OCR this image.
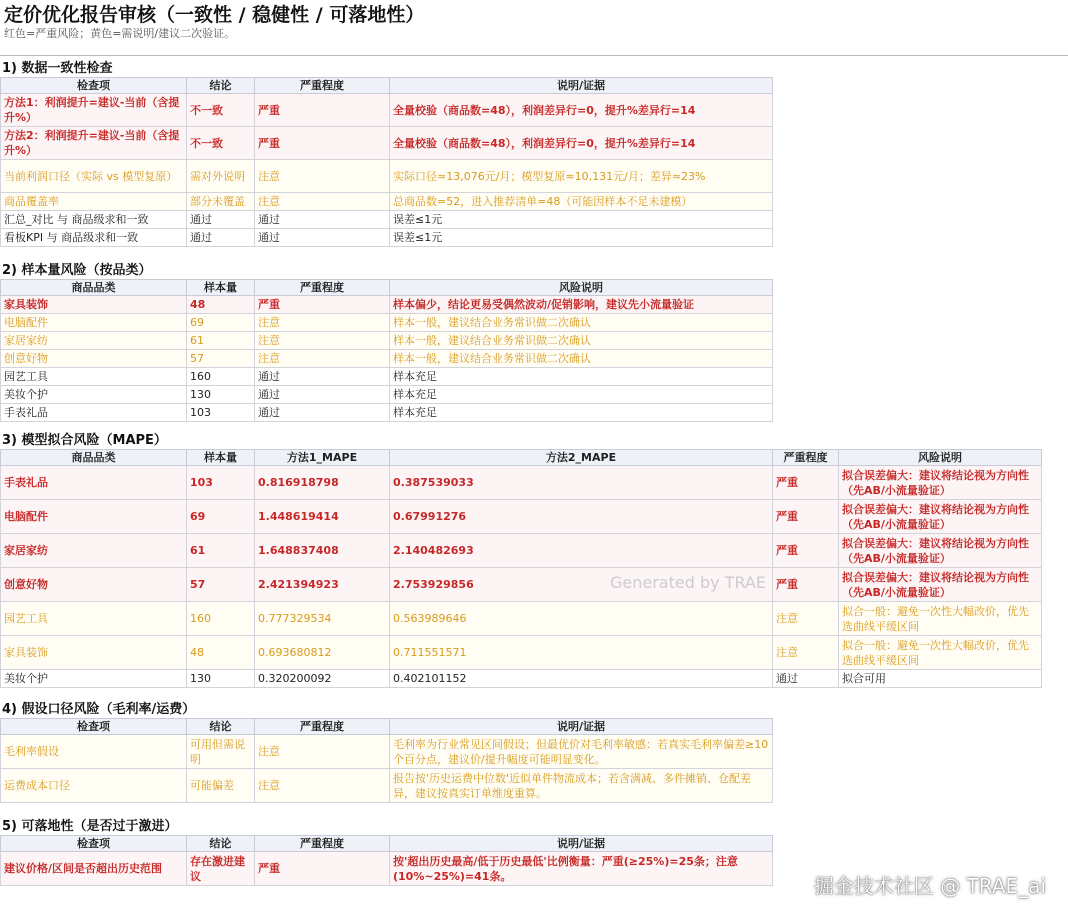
定价优化报告审核（一致性 / 稳健性 / 可落地性）
红色=严重风险；黄色=需说明/建议二次验证。
1) 数据一致性检查
检查项	结论	严重程度	说明/证据
方法1：利润提升=建议-当前（含提升%）	不一致	严重	全量校验（商品数=48），利润差异行=0，提升%差异行=14
方法2：利润提升=建议-当前（含提升%）	不一致	严重	全量校验（商品数=48），利润差异行=0，提升%差异行=14
当前利润口径（实际 vs 模型复原）	需对外说明	注意	实际口径≈13,076元/月；模型复原≈10,131元/月；差异≈23%
商品覆盖率	部分未覆盖	注意	总商品数=52，进入推荐清单=48（可能因样本不足未建模）
汇总_对比 与 商品级求和一致	通过	通过	误差≤1元
看板KPI 与 商品级求和一致	通过	通过	误差≤1元
2) 样本量风险（按品类）
商品品类	样本量	严重程度	风险说明
家具装饰	48	严重	样本偏少，结论更易受偶然波动/促销影响，建议先小流量验证
电脑配件	69	注意	样本一般，建议结合业务常识做二次确认
家居家纺	61	注意	样本一般，建议结合业务常识做二次确认
创意好物	57	注意	样本一般，建议结合业务常识做二次确认
园艺工具	160	通过	样本充足
美妆个护	130	通过	样本充足
手表礼品	103	通过	样本充足
3) 模型拟合风险（MAPE）
商品品类	样本量	方法1_MAPE	方法2_MAPE	严重程度	风险说明
手表礼品	103	0.816918798	0.387539033	严重	拟合误差偏大：建议将结论视为方向性（先AB/小流量验证）
电脑配件	69	1.448619414	0.67991276	严重	拟合误差偏大：建议将结论视为方向性（先AB/小流量验证）
家居家纺	61	1.648837408	2.140482693	严重	拟合误差偏大：建议将结论视为方向性（先AB/小流量验证）
创意好物	57	2.421394923	2.753929856	严重	拟合误差偏大：建议将结论视为方向性（先AB/小流量验证）
园艺工具	160	0.777329534	0.563989646	注意	拟合一般：避免一次性大幅改价，优先选曲线平缓区间
家具装饰	48	0.693680812	0.711551571	注意	拟合一般：避免一次性大幅改价，优先选曲线平缓区间
美妆个护	130	0.320200092	0.402101152	通过	拟合可用
4) 假设口径风险（毛利率/运费）
检查项	结论	严重程度	说明/证据
毛利率假设	可用但需说明	注意	毛利率为行业常见区间假设；但最优价对毛利率敏感：若真实毛利率偏差≥10个百分点，建议价/提升幅度可能明显变化。
运费成本口径	可能偏差	注意	报告按'历史运费中位数'近似单件物流成本；若含满减、多件摊销、仓配差异，建议按真实订单维度重算。
5) 可落地性（是否过于激进）
检查项	结论	严重程度	说明/证据
建议价格/区间是否超出历史范围	存在激进建议	严重	按'超出历史最高/低于历史最低'比例衡量：严重(≥25%)=25条；注意(10%~25%)=41条。
Generated by TRAE
掘金技术社区 @ TRAE_ai
